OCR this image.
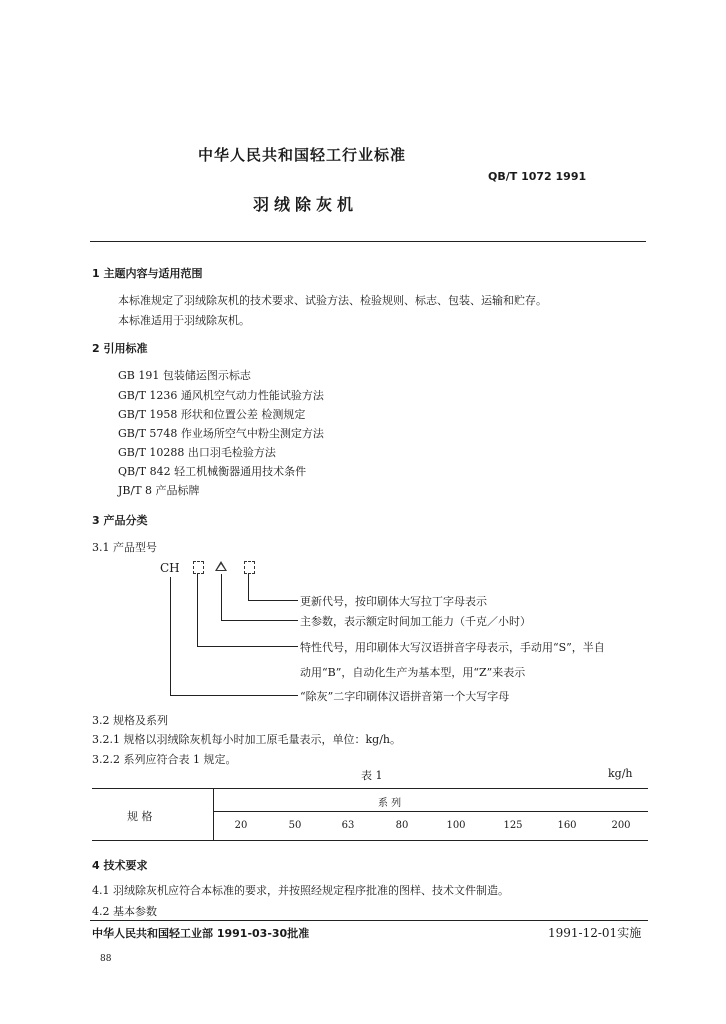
中华人民共和国轻工行业标准
QB/T 1072 1991
羽绒除灰机
1 主题内容与适用范围
本标准规定了羽绒除灰机的技术要求、试验方法、检验规则、标志、包装、运输和贮存。
本标准适用于羽绒除灰机。
2 引用标准
GB 191 包装储运图示标志
GB/T 1236 通风机空气动力性能试验方法
GB/T 1958 形状和位置公差 检测规定
GB/T 5748 作业场所空气中粉尘测定方法
GB/T 10288 出口羽毛检验方法
QB/T 842 轻工机械衡器通用技术条件
JB/T 8 产品标牌
3 产品分类
3.1 产品型号
CH
更新代号，按印刷体大写拉丁字母表示
主参数，表示额定时间加工能力（千克／小时）
特性代号，用印刷体大写汉语拼音字母表示，手动用“S”，半自
动用“B”，自动化生产为基本型，用“Z”来表示
“除灰”二字印刷体汉语拼音第一个大写字母
3.2 规格及系列
3.2.1 规格以羽绒除灰机每小时加工原毛量表示，单位：kg/h。
3.2.2 系列应符合表 1 规定。
表 1	kg/h
规 格
系 列
20	50	63	80	100	125	160	200
4 技术要求
4.1 羽绒除灰机应符合本标准的要求，并按照经规定程序批准的图样、技术文件制造。
4.2 基本参数
中华人民共和国轻工业部 1991-03-30批准	1991-12-01实施
88
